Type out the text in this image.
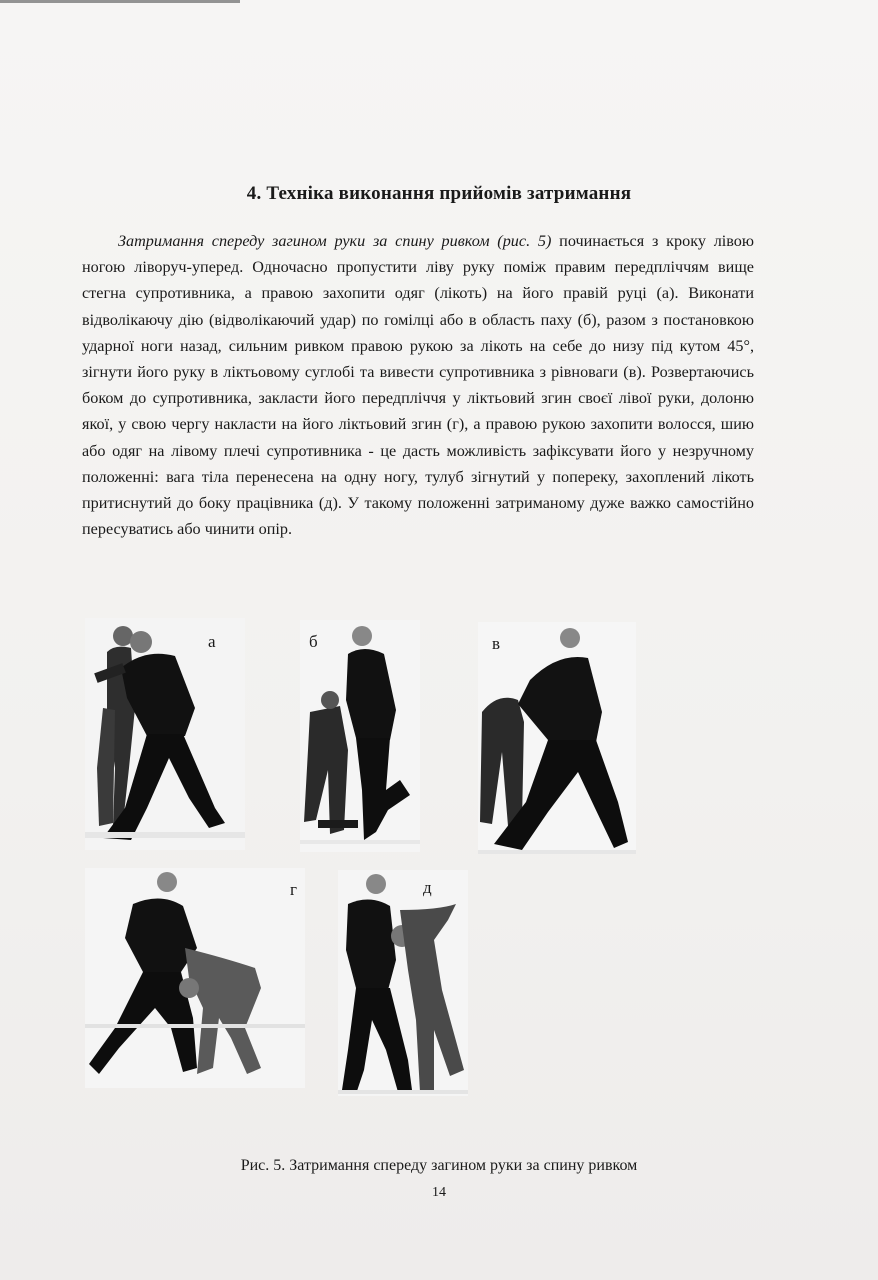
4. Техніка виконання прийомів затримання

Затримання спереду загином руки за спину ривком (рис. 5) починається з кроку лівою ногою ліворуч-уперед. Одночасно пропустити ліву руку поміж правим передпліччям вище стегна супротивника, а правою захопити одяг (лікоть) на його правій руці (а). Виконати відволікаючу дію (відволікаючий удар) по гомілці або в область паху (б), разом з постановкою ударної ноги назад, сильним ривком правою рукою за лікоть на себе до низу під кутом 45°, зігнути його руку в ліктьовому суглобі та вивести супротивника з рівноваги (в). Розвертаючись боком до супротивника, закласти його передпліччя у ліктьовий згин своєї лівої руки, долоню якої, у свою чергу накласти на його ліктьовий згин (г), а правою рукою захопити волосся, шию або одяг на лівому плечі супротивника - це дасть можливість зафіксувати його у незручному положенні: вага тіла перенесена на одну ногу, тулуб зігнутий у попереку, захоплений лікоть притиснутий до боку працівника (д). У такому положенні затриманому дуже важко самостійно пересуватись або чинити опір.

а	б	в
г	д
Рис. 5. Затримання спереду загином руки за спину ривком
14
